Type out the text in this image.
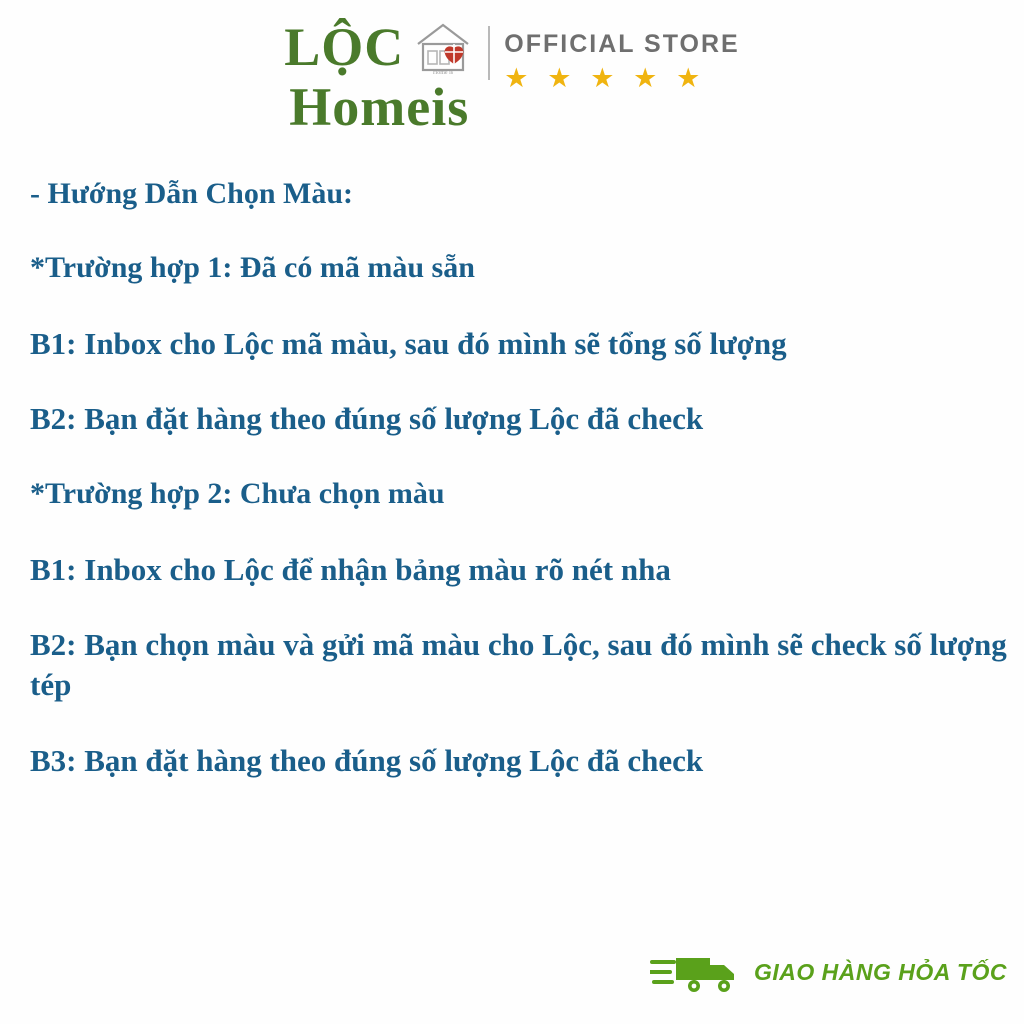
LỘC	Home is
Homeis
OFFICIAL STORE
★ ★ ★ ★ ★
- Hướng Dẫn Chọn Màu:
*Trường hợp 1: Đã có mã màu sẵn
B1: Inbox cho Lộc mã màu, sau đó mình sẽ tổng số lượng
B2: Bạn đặt hàng theo đúng số lượng Lộc đã check
*Trường hợp 2: Chưa chọn màu
B1: Inbox cho Lộc để nhận bảng màu rõ nét nha
B2: Bạn chọn màu và gửi mã màu cho Lộc, sau đó mình sẽ check số lượng tép
B3: Bạn đặt hàng theo đúng số lượng Lộc đã check
GIAO HÀNG HỎA TỐC
